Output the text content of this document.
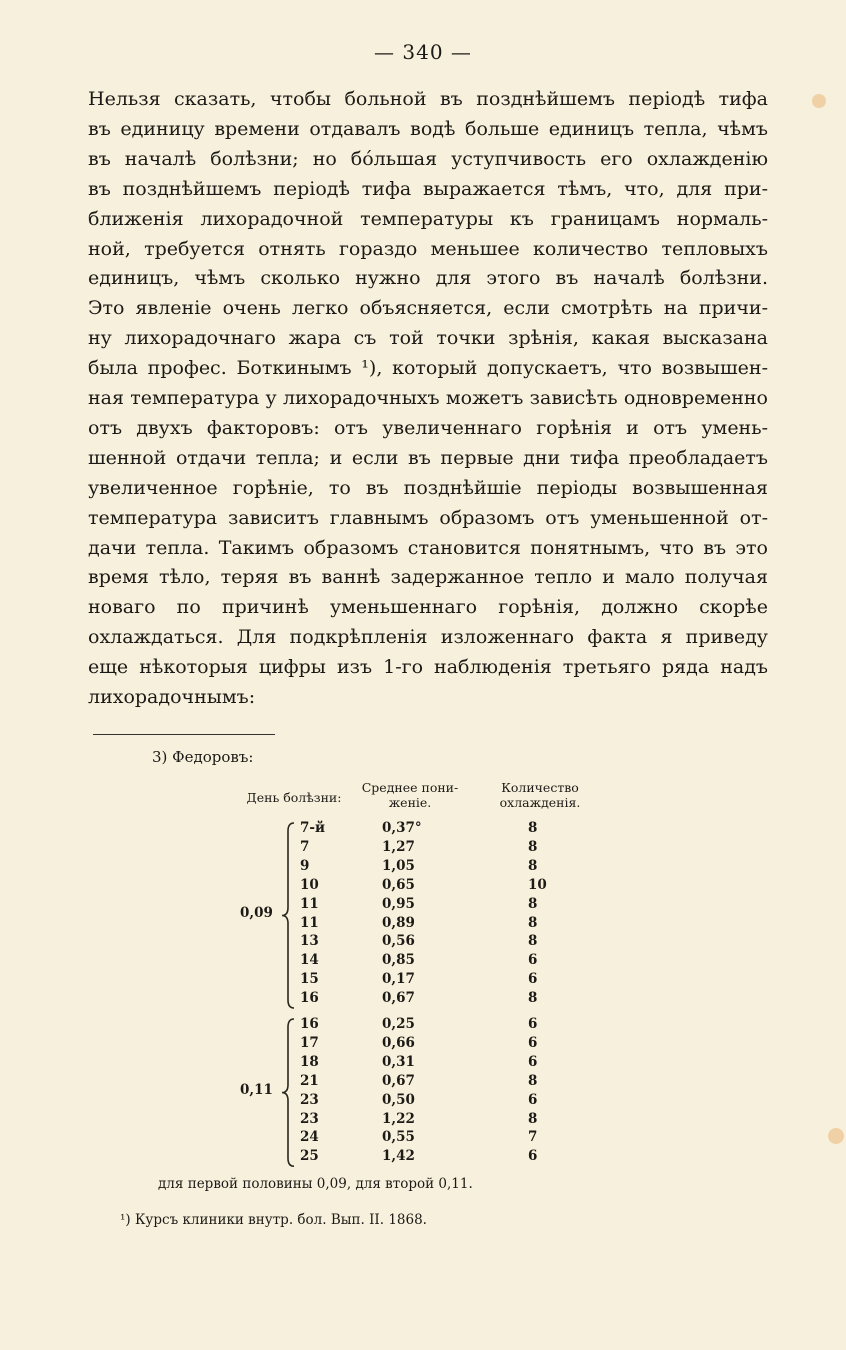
— 340 —
Нельзя сказать, чтобы больной въ позднѣйшемъ періодѣ тифа
въ единицу времени отдавалъ водѣ больше единицъ тепла, чѣмъ
въ началѣ болѣзни; но бо́льшая уступчивость его охлажденію
въ позднѣйшемъ періодѣ тифа выражается тѣмъ, что, для при-
ближенія лихорадочной температуры къ границамъ нормаль-
ной, требуется отнять гораздо меньшее количество тепловыхъ
единицъ, чѣмъ сколько нужно для этого въ началѣ болѣзни.
Это явленіе очень легко объясняется, если смотрѣть на причи-
ну лихорадочнаго жара съ той точки зрѣнія, какая высказана
была профес. Боткинымъ ¹), который допускаетъ, что возвышен-
ная температура у лихорадочныхъ можетъ зависѣть одновременно
отъ двухъ факторовъ: отъ увеличеннаго горѣнія и отъ умень-
шенной отдачи тепла; и если въ первые дни тифа преобладаетъ
увеличенное горѣніе, то въ позднѣйшіе періоды возвышенная
температура зависитъ главнымъ образомъ отъ уменьшенной от-
дачи тепла. Такимъ образомъ становится понятнымъ, что въ это
время тѣло, теряя въ ваннѣ задержанное тепло и мало получая
новаго по причинѣ уменьшеннаго горѣнія, должно скорѣе
охлаждаться. Для подкрѣпленія изложеннаго факта я приведу
еще нѣкоторыя цифры изъ 1-го наблюденія третьяго ряда надъ
лихорадочнымъ:
3) Федоровъ:
День болѣзни:
Среднее пони-
женіе.
Количество
охлажденія.
7-й	0,37°	8
7	1,27	8
9	1,05	8
10	0,65	10
11	0,95	8
11	0,89	8
13	0,56	8
14	0,85	6
15	0,17	6
16	0,67	8
0,09
16	0,25	6
17	0,66	6
18	0,31	6
21	0,67	8
23	0,50	6
23	1,22	8
24	0,55	7
25	1,42	6
0,11
для первой половины 0,09, для второй 0,11.
¹) Курсъ клиники внутр. бол. Вып. II. 1868.
